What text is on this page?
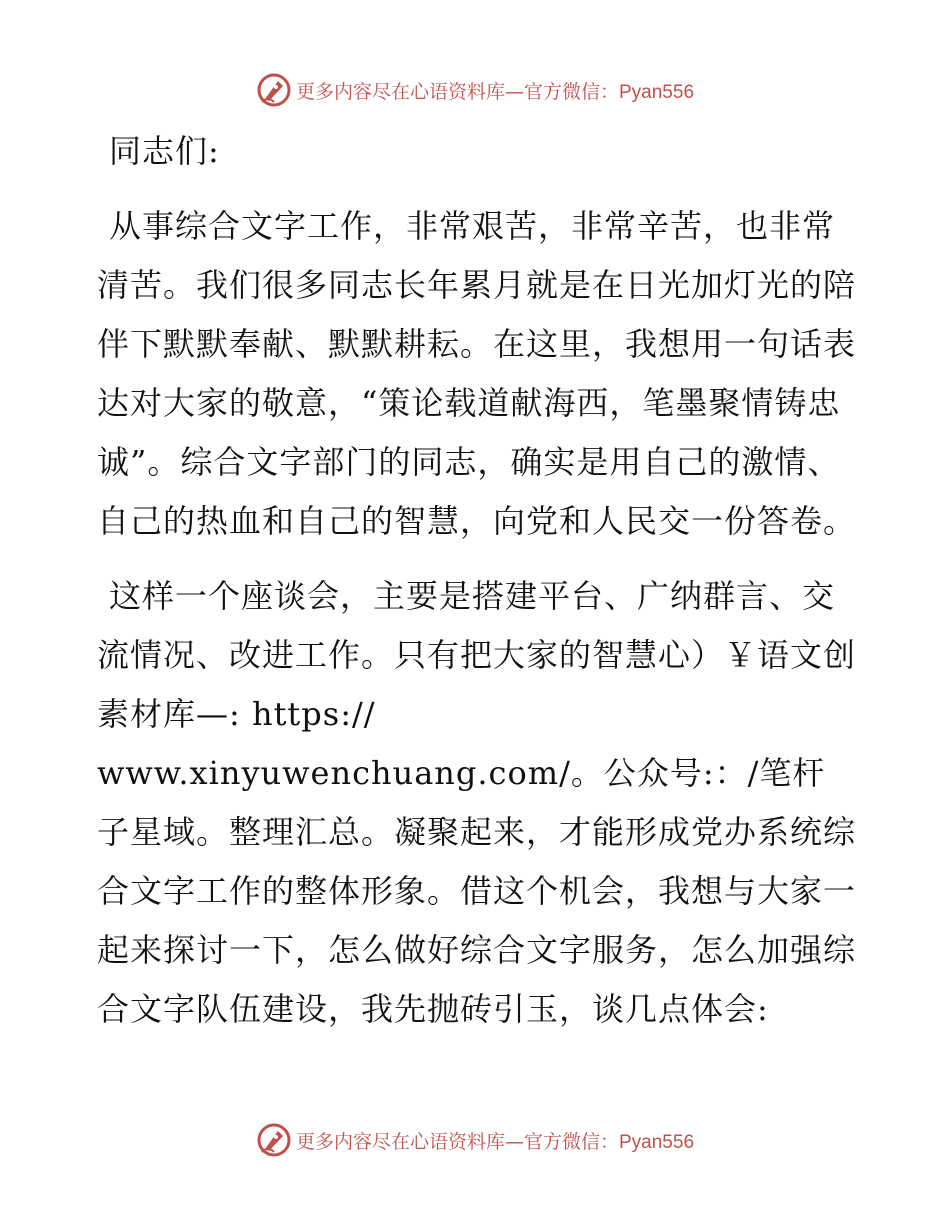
更多内容尽在心语资料库—官方微信：Pyan556

同志们:

从事综合文字工作，非常艰苦，非常辛苦，也非常清苦。我们很多同志长年累月就是在日光加灯光的陪伴下默默奉献、默默耕耘。在这里，我想用一句话表达对大家的敬意，“策论载道献海西，笔墨聚情铸忠诚”。综合文字部门的同志，确实是用自己的激情、自己的热血和自己的智慧，向党和人民交一份答卷。

这样一个座谈会，主要是搭建平台、广纳群言、交流情况、改进工作。只有把大家的智慧心）￥语文创素材库—: https://

www.xinyuwenchuang.com/。公众号:：/笔杆子星域。整理汇总。凝聚起来，才能形成党办系统综合文字工作的整体形象。借这个机会，我想与大家一起来探讨一下，怎么做好综合文字服务，怎么加强综合文字队伍建设，我先抛砖引玉，谈几点体会:

更多内容尽在心语资料库—官方微信：Pyan556
